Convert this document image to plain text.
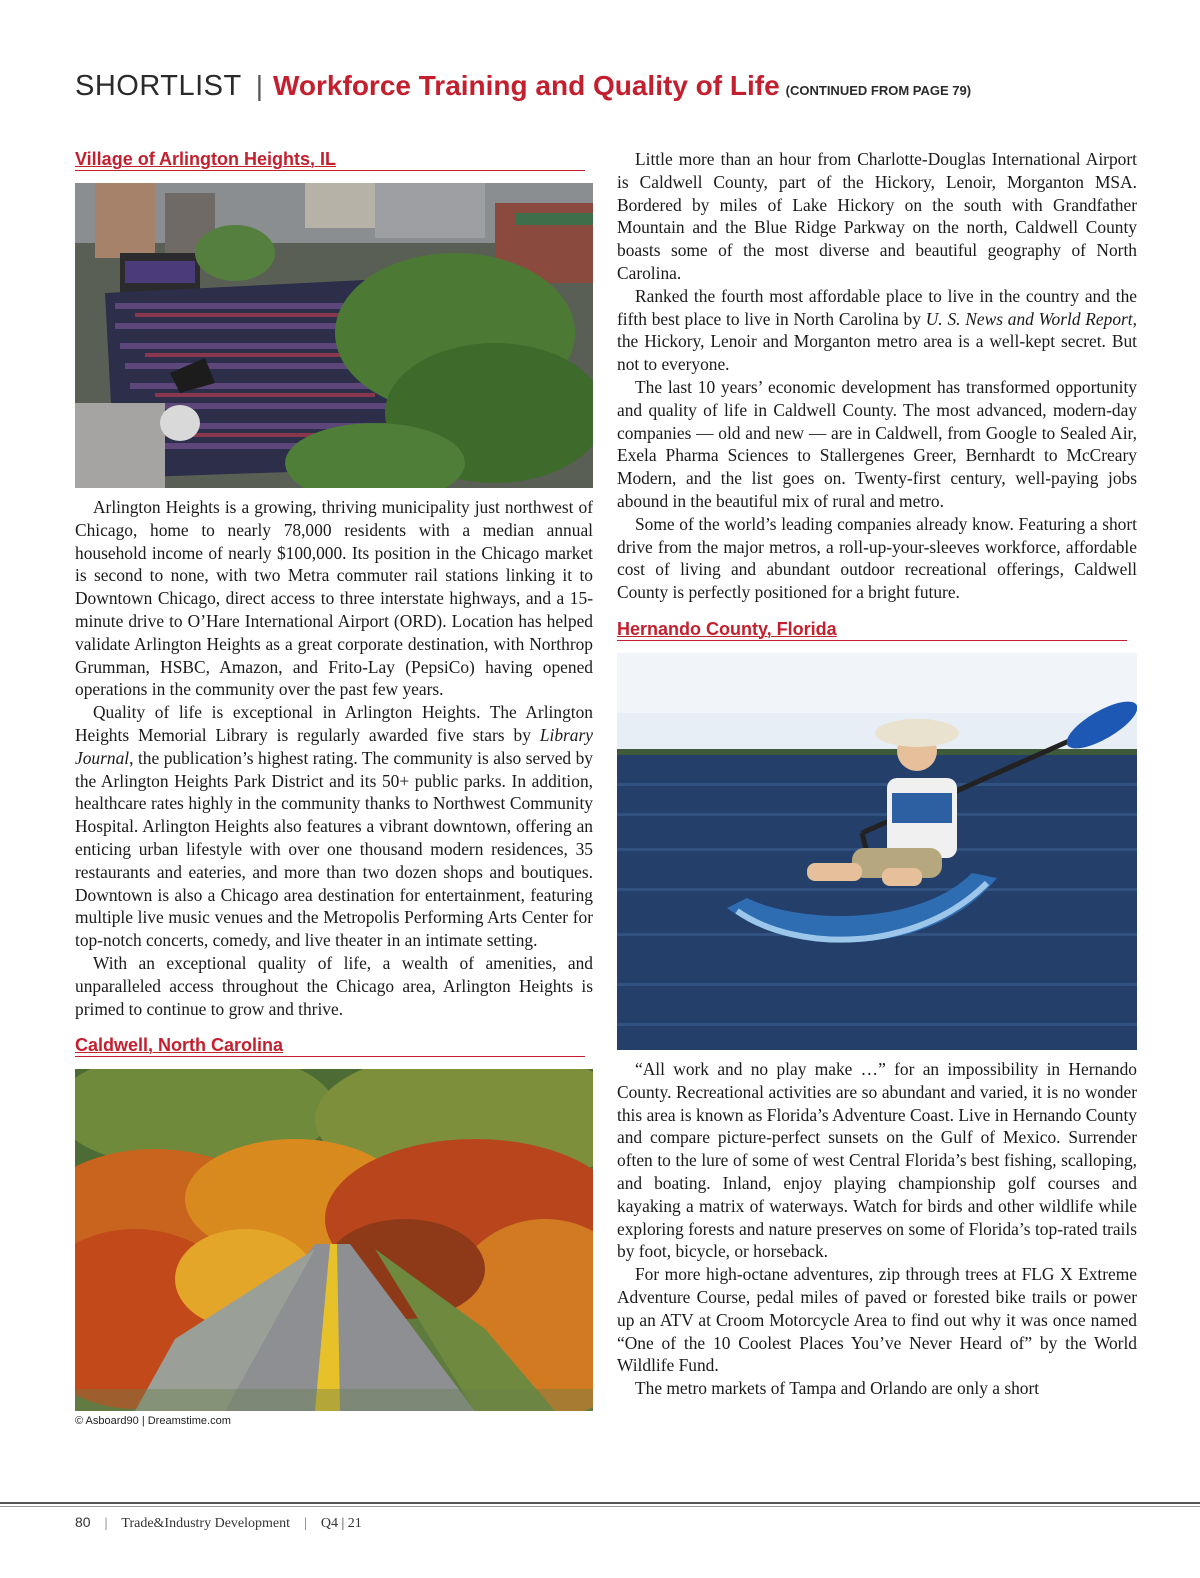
SHORTLIST | Workforce Training and Quality of Life (CONTINUED FROM PAGE 79)
Village of Arlington Heights, IL

Arlington Heights is a growing, thriving municipality just northwest of Chicago, home to nearly 78,000 residents with a median annual household income of nearly $100,000. Its position in the Chicago market is second to none, with two Metra commuter rail stations linking it to Downtown Chicago, direct access to three interstate highways, and a 15-minute drive to O’Hare International Airport (ORD). Location has helped validate Arlington Heights as a great corporate destination, with Northrop Grumman, HSBC, Amazon, and Frito-Lay (PepsiCo) having opened operations in the community over the past few years.

Quality of life is exceptional in Arlington Heights. The Arlington Heights Memorial Library is regularly awarded five stars by Library Journal, the publication’s highest rating. The community is also served by the Arlington Heights Park District and its 50+ public parks. In addition, healthcare rates highly in the community thanks to Northwest Community Hospital. Arlington Heights also features a vibrant downtown, offering an enticing urban lifestyle with over one thousand modern residences, 35 restaurants and eateries, and more than two dozen shops and boutiques. Downtown is also a Chicago area destination for entertainment, featuring multiple live music venues and the Metropolis Performing Arts Center for top-notch concerts, comedy, and live theater in an intimate setting.

With an exceptional quality of life, a wealth of amenities, and unparalleled access throughout the Chicago area, Arlington Heights is primed to continue to grow and thrive.

Caldwell, North Carolina
© Asboard90 | Dreamstime.com

Little more than an hour from Charlotte-Douglas International Airport is Caldwell County, part of the Hickory, Lenoir, Morganton MSA. Bordered by miles of Lake Hickory on the south with Grandfather Mountain and the Blue Ridge Parkway on the north, Caldwell County boasts some of the most diverse and beautiful geography of North Carolina.

Ranked the fourth most affordable place to live in the country and the fifth best place to live in North Carolina by U. S. News and World Report, the Hickory, Lenoir and Morganton metro area is a well-kept secret. But not to everyone.

The last 10 years’ economic development has transformed opportunity and quality of life in Caldwell County. The most advanced, modern-day companies — old and new — are in Caldwell, from Google to Sealed Air, Exela Pharma Sciences to Stallergenes Greer, Bernhardt to McCreary Modern, and the list goes on. Twenty-first century, well-paying jobs abound in the beautiful mix of rural and metro.

Some of the world’s leading companies already know. Featuring a short drive from the major metros, a roll-up-your-sleeves workforce, affordable cost of living and abundant outdoor recreational offerings, Caldwell County is perfectly positioned for a bright future.

Hernando County, Florida

“All work and no play make …” for an impossibility in Hernando County. Recreational activities are so abundant and varied, it is no wonder this area is known as Florida’s Adventure Coast. Live in Hernando County and compare picture-perfect sunsets on the Gulf of Mexico. Surrender often to the lure of some of west Central Florida’s best fishing, scalloping, and boating. Inland, enjoy playing championship golf courses and kayaking a matrix of waterways. Watch for birds and other wildlife while exploring forests and nature preserves on some of Florida’s top-rated trails by foot, bicycle, or horseback.

For more high-octane adventures, zip through trees at FLG X Extreme Adventure Course, pedal miles of paved or forested bike trails or power up an ATV at Croom Motorcycle Area to find out why it was once named “One of the 10 Coolest Places You’ve Never Heard of” by the World Wildlife Fund.

The metro markets of Tampa and Orlando are only a short

80 | Trade&Industry Development | Q4 | 21
